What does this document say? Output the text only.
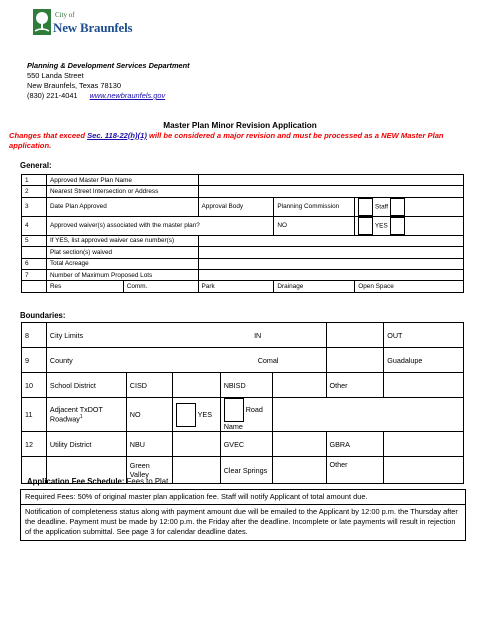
City of
New Braunfels
Planning & Development Services Department
550 Landa Street
New Braunfels, Texas 78130
(830) 221-4041 www.newbraunfels.gov
Master Plan Minor Revision Application
Changes that exceed Sec. 118-22(h)(1) will be considered a major revision and must be processed as a NEW Master Plan application.
General:
1	Approved Master Plan Name				
2	Nearest Street Intersection or Address				
3	Date Plan Approved		Approval Body	Planning Commission	Staff
4	Approved waiver(s) associated with the master plan?			NO	YES
5	If YES, list approved waiver case number(s)				
	Plat section(s) waived				
6	Total Acreage				
7	Number of Maximum Proposed Lots				
	Res	Comm.	Park	Drainage	Open Space
Boundaries:
8	City Limits IN						OUT
9	County Comal						Guadalupe
10	School District	CISD		NBISD		Other	
11	Adjacent TxDOT Roadway$^1$	NO	YES	Road Name			
12	Utility District	NBU		GVEC		GBRA	
		Green Valley		Clear Springs		Other	
Application Fee Schedule: Fees to Plat
Required Fees: 50% of original master plan application fee. Staff will notify Applicant of total amount due.
Notification of completeness status along with payment amount due will be emailed to the Applicant by 12:00 p.m. the Thursday after the deadline. Payment must be made by 12:00 p.m. the Friday after the deadline. Incomplete or late payments will result in rejection of the application submittal. See page 3 for calendar deadline dates.
